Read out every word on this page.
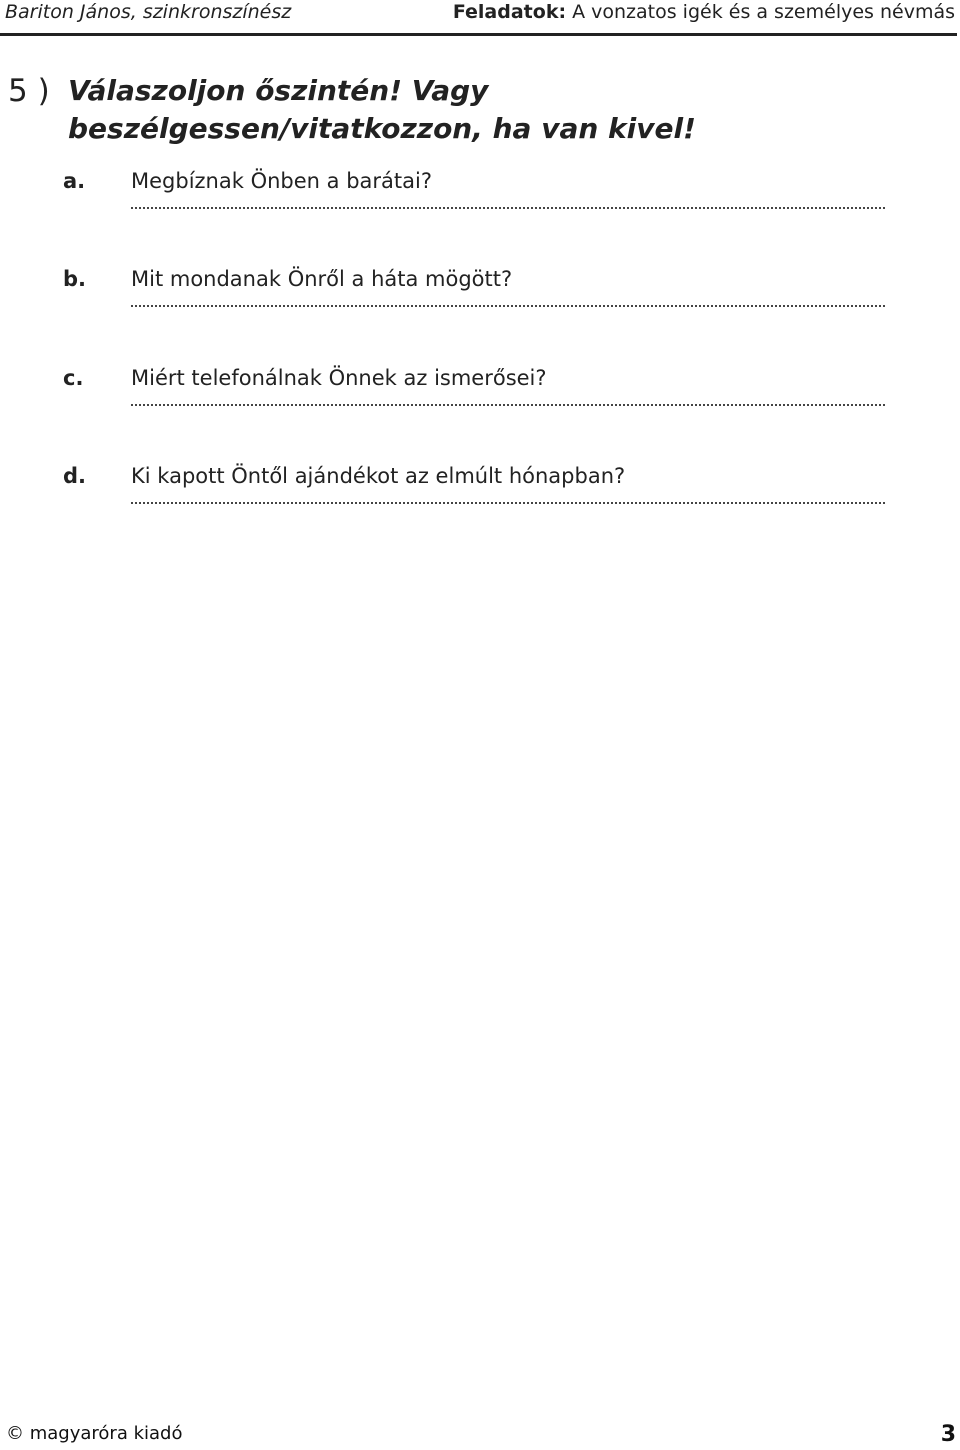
Bariton János, szinkronszínész	Feladatok: A vonzatos igék és a személyes névmás
5 ) Válaszoljon őszintén! Vagy beszélgessen/vitatkozzon, ha van kivel!
a. Megbíznak Önben a barátai?
b. Mit mondanak Önről a háta mögött?
c. Miért telefonálnak Önnek az ismerősei?
d. Ki kapott Öntől ajándékot az elmúlt hónapban?
© magyaróra kiadó	3
